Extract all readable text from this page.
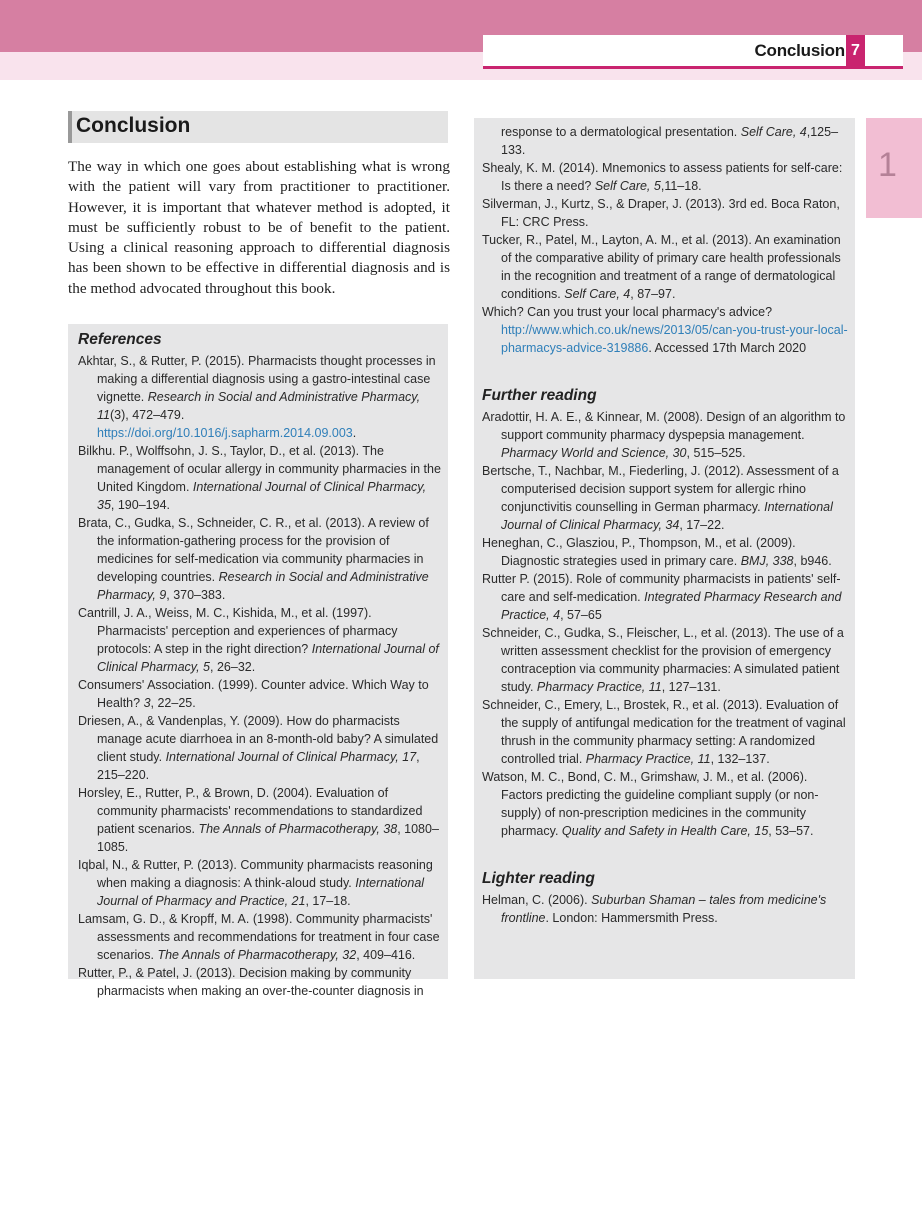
Conclusion 7
1
Conclusion

The way in which one goes about establishing what is wrong with the patient will vary from practitioner to practitioner. However, it is important that whatever method is adopted, it must be sufficiently robust to be of benefit to the patient. Using a clinical reasoning approach to differential diagnosis has been shown to be effective in differential diagnosis and is the method advocated throughout this book.

References

Akhtar, S., & Rutter, P. (2015). Pharmacists thought processes in making a differential diagnosis using a gastro-intestinal case vignette. Research in Social and Administrative Pharmacy, 11(3), 472–479. https://doi.org/10.1016/j.sapharm.2014.09.003.

Bilkhu. P., Wolffsohn, J. S., Taylor, D., et al. (2013). The management of ocular allergy in community pharmacies in the United Kingdom. International Journal of Clinical Pharmacy, 35, 190–194.

Brata, C., Gudka, S., Schneider, C. R., et al. (2013). A review of the information-gathering process for the provision of medicines for self-medication via community pharmacies in developing countries. Research in Social and Administrative Pharmacy, 9, 370–383.

Cantrill, J. A., Weiss, M. C., Kishida, M., et al. (1997). Pharmacists' perception and experiences of pharmacy protocols: A step in the right direction? International Journal of Clinical Pharmacy, 5, 26–32.

Consumers' Association. (1999). Counter advice. Which Way to Health? 3, 22–25.

Driesen, A., & Vandenplas, Y. (2009). How do pharmacists manage acute diarrhoea in an 8-month-old baby? A simulated client study. International Journal of Clinical Pharmacy, 17, 215–220.

Horsley, E., Rutter, P., & Brown, D. (2004). Evaluation of community pharmacists' recommendations to standardized patient scenarios. The Annals of Pharmacotherapy, 38, 1080–1085.

Iqbal, N., & Rutter, P. (2013). Community pharmacists reasoning when making a diagnosis: A think-aloud study. International Journal of Pharmacy and Practice, 21, 17–18.

Lamsam, G. D., & Kropff, M. A. (1998). Community pharmacists' assessments and recommendations for treatment in four case scenarios. The Annals of Pharmacotherapy, 32, 409–416.

Rutter, P., & Patel, J. (2013). Decision making by community pharmacists when making an over-the-counter diagnosis in

response to a dermatological presentation. Self Care, 4,125–133.

Shealy, K. M. (2014). Mnemonics to assess patients for self-care: Is there a need? Self Care, 5,11–18.

Silverman, J., Kurtz, S., & Draper, J. (2013). 3rd ed. Boca Raton, FL: CRC Press.

Tucker, R., Patel, M., Layton, A. M., et al. (2013). An examination of the comparative ability of primary care health professionals in the recognition and treatment of a range of dermatological conditions. Self Care, 4, 87–97.

Which? Can you trust your local pharmacy's advice? http://www.which.co.uk/news/2013/05/can-you-trust-your-local-pharmacys-advice-319886. Accessed 17th March 2020

Further reading

Aradottir, H. A. E., & Kinnear, M. (2008). Design of an algorithm to support community pharmacy dyspepsia management. Pharmacy World and Science, 30, 515–525.

Bertsche, T., Nachbar, M., Fiederling, J. (2012). Assessment of a computerised decision support system for allergic rhino conjunctivitis counselling in German pharmacy. International Journal of Clinical Pharmacy, 34, 17–22.

Heneghan, C., Glasziou, P., Thompson, M., et al. (2009). Diagnostic strategies used in primary care. BMJ, 338, b946.

Rutter P. (2015). Role of community pharmacists in patients' self-care and self-medication. Integrated Pharmacy Research and Practice, 4, 57–65

Schneider, C., Gudka, S., Fleischer, L., et al. (2013). The use of a written assessment checklist for the provision of emergency contraception via community pharmacies: A simulated patient study. Pharmacy Practice, 11, 127–131.

Schneider, C., Emery, L., Brostek, R., et al. (2013). Evaluation of the supply of antifungal medication for the treatment of vaginal thrush in the community pharmacy setting: A randomized controlled trial. Pharmacy Practice, 11, 132–137.

Watson, M. C., Bond, C. M., Grimshaw, J. M., et al. (2006). Factors predicting the guideline compliant supply (or non-supply) of non-prescription medicines in the community pharmacy. Quality and Safety in Health Care, 15, 53–57.

Lighter reading

Helman, C. (2006). Suburban Shaman – tales from medicine's frontline. London: Hammersmith Press.
